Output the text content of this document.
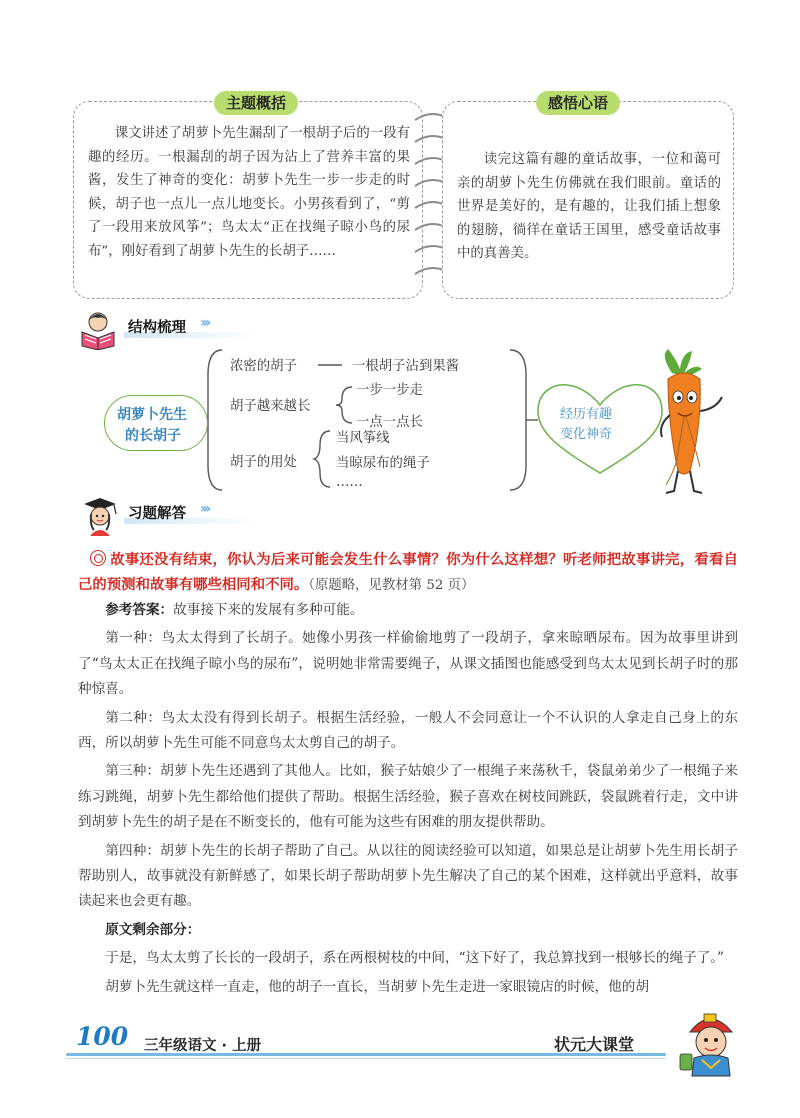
主题概括

课文讲述了胡萝卜先生漏刮了一根胡子后的一段有趣的经历。一根漏刮的胡子因为沾上了营养丰富的果酱，发生了神奇的变化：胡萝卜先生一步一步走的时候，胡子也一点儿一点儿地变长。小男孩看到了，“剪了一段用来放风筝”；鸟太太“正在找绳子晾小鸟的尿布”，刚好看到了胡萝卜先生的长胡子……

感悟心语

读完这篇有趣的童话故事，一位和蔼可亲的胡萝卜先生仿佛就在我们眼前。童话的世界是美好的，是有趣的，让我们插上想象的翅膀，徜徉在童话王国里，感受童话故事中的真善美。

结构梳理 ›››
胡萝卜先生
的长胡子
浓密的胡子	一根胡子沾到果酱
胡子越来越长
一步一步走
一点一点长
胡子的用处
当风筝线
当晾尿布的绳子
……
经历有趣
变化神奇
习题解答 ›››

故事还没有结束，你认为后来可能会发生什么事情？你为什么这样想？听老师把故事讲完，看看自己的预测和故事有哪些相同和不同。（原题略，见教材第 52 页）

参考答案：故事接下来的发展有多种可能。

第一种：鸟太太得到了长胡子。她像小男孩一样偷偷地剪了一段胡子，拿来晾晒尿布。因为故事里讲到了“鸟太太正在找绳子晾小鸟的尿布”，说明她非常需要绳子，从课文插图也能感受到鸟太太见到长胡子时的那种惊喜。

第二种：鸟太太没有得到长胡子。根据生活经验，一般人不会同意让一个不认识的人拿走自己身上的东西，所以胡萝卜先生可能不同意鸟太太剪自己的胡子。

第三种：胡萝卜先生还遇到了其他人。比如，猴子姑娘少了一根绳子来荡秋千，袋鼠弟弟少了一根绳子来练习跳绳，胡萝卜先生都给他们提供了帮助。根据生活经验，猴子喜欢在树枝间跳跃，袋鼠跳着行走，文中讲到胡萝卜先生的胡子是在不断变长的，他有可能为这些有困难的朋友提供帮助。

第四种：胡萝卜先生的长胡子帮助了自己。从以往的阅读经验可以知道，如果总是让胡萝卜先生用长胡子帮助别人，故事就没有新鲜感了，如果长胡子帮助胡萝卜先生解决了自己的某个困难，这样就出乎意料，故事读起来也会更有趣。

原文剩余部分：

于是，鸟太太剪了长长的一段胡子，系在两根树枝的中间，“这下好了，我总算找到一根够长的绳子了。”

胡萝卜先生就这样一直走，他的胡子一直长，当胡萝卜先生走进一家眼镜店的时候，他的胡

100 三年级语文 · 上册	状元大课堂
